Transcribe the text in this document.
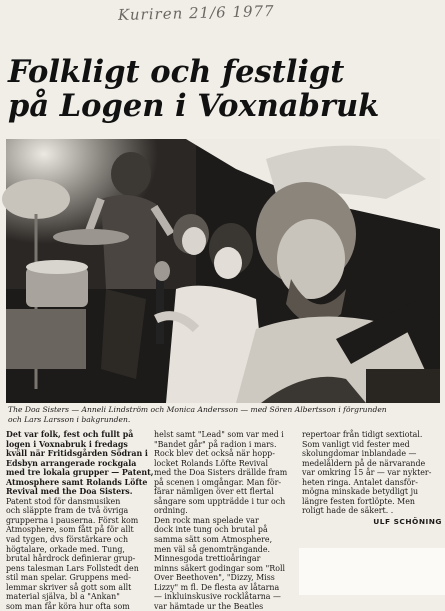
Kuriren 21/6 1977
Folkligt och festligt
på Logen i Voxnabruk
The Doa Sisters — Anneli Lindström och Monica Andersson — med Sören Albertsson i förgrunden
och Lars Larsson i bakgrunden.
Det var folk, fest och fullt på
logen i Voxnabruk i fredags
kväll när Fritidsgården Södran i
Edsbyn arrangerade rockgala
med tre lokala grupper — Patent,
Atmosphere samt Rolands Löfte
Revival med the Doa Sisters.
Patent stod för dansmusiken
och släppte fram de två övriga
grupperna i pauserna. Först kom
Atmosphere, som fått på för allt
vad tygen, dvs förstärkare och
högtalare, orkade med. Tung,
brutal hårdrock definierar grup-
pens talesman Lars Follstedt den
stil man spelar. Gruppens med-
lemmar skriver så gott som allt
material själva, bl a "Ankan"
som man får köra hur ofta som
helst samt "Lead" som var med i
"Bandet går" på radion i mars.
Rock blev det också när hopp-
locket Rolands Löfte Revival
med the Doa Sisters drällde fram
på scenen i omgångar. Man för-
färar nämligen över ett flertal
sångare som uppträdde i tur och
ordning.
Den rock man spelade var
dock inte tung och brutal på
samma sätt som Atmosphere,
men väl så genomträngande.
Minnesgoda trettioåringar
minns säkert godingar som "Roll
Over Beethoven", "Dizzy, Miss
Lizzy" m fl. De flesta av låtarna
— inkluinskusive rocklåtarna —
var hämtade ur the Beatles
repertoar från tidigt sextiotal.
Som vanligt vid fester med
skolungdomar inblandade —
medelåldern på de närvarande
var omkring 15 år — var nykter-
heten ringa. Antalet dansför-
mögna minskade betydligt ju
längre festen fortlöpte. Men
roligt hade de säkert. .
ULF SCHÖNING
